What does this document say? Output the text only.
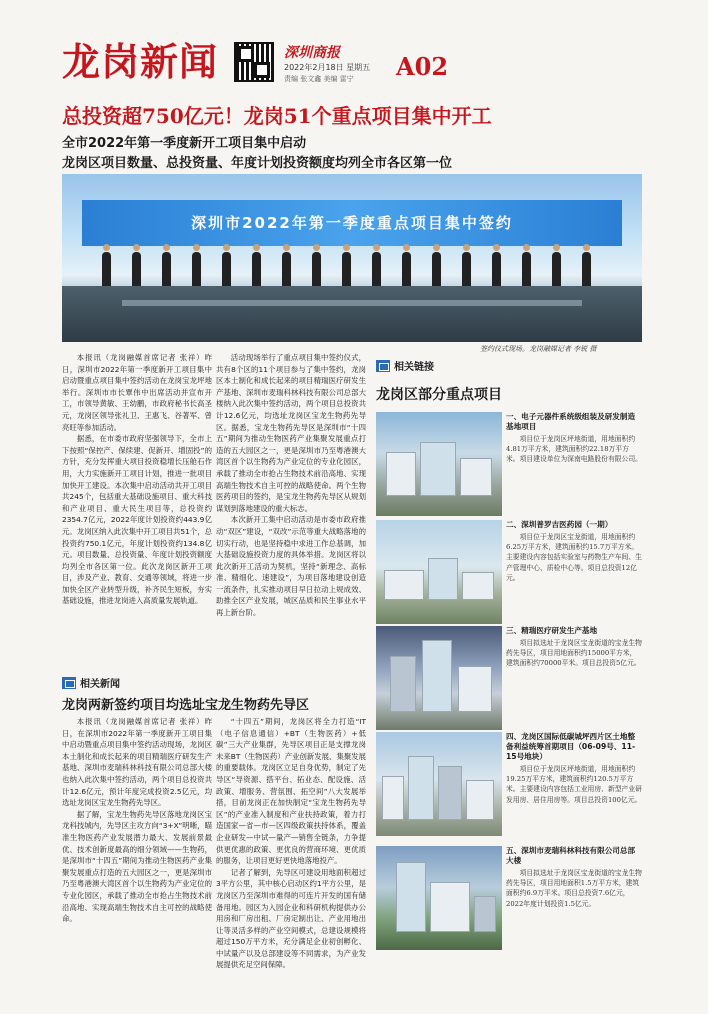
龙岗新闻	深圳商报
2022年2月18日 星期五
责编 张文鑫 美编 雷宁 A02
总投资超750亿元！龙岗51个重点项目集中开工
全市2022年第一季度新开工项目集中启动
龙岗区项目数量、总投资量、年度计划投资额度均列全市各区第一位
深圳市2022年第一季度重点项目集中签约
签约仪式现场。龙岗融媒记者 李锐 摄

本报讯（龙岗融媒首席记者 张祥）昨日，深圳市2022年第一季度新开工项目集中启动暨重点项目集中签约活动在龙岗宝龙坪地举行。深圳市市长覃伟中出席活动并宣布开工，市领导黄敏、王幼鹏，市政府秘书长高圣元，龙岗区领导张礼卫、王惠飞、谷著军、曾亮旺等参加活动。

据悉，在市委市政府坚强领导下，全市上下按照“保控产、保续建、促新开、增固投”的方针，充分发挥重大项目投资稳增长压舱石作用，大力实施新开工项目计划，推进一批项目加快开工建设。本次集中启动活动共开工项目共245个，包括重大基础设施项目、重大科技和产业项目、重大民生项目等，总投资约2354.7亿元，2022年度计划投资约443.9亿元。龙岗区纳入此次集中开工项目共51个，总投资约750.1亿元，年度计划投资约134.8亿元。项目数量、总投资量、年度计划投资额度均列全市各区第一位。此次龙岗区新开工项目，涉及产业、教育、交通等领域，将进一步加快全区产业转型升级，补齐民生短板，夯实基础设施，推进龙岗进入高质量发展轨道。

活动现场举行了重点项目集中签约仪式，共有8个区的11个项目参与了集中签约，龙岗区本土制化和成长起来的项目精瑞医疗研发生产基地、深圳市麦瑞科林科技有限公司总部大楼纳入此次集中签约活动，两个项目总投资共计12.6亿元，均选址龙岗区宝龙生物药先导区。据悉，宝龙生物药先导区是深圳市“十四五”期间为推动生物医药产业集聚发展重点打造的五大园区之一，更是深圳市乃至粤港澳大湾区首个以生物药为产业定位的专业化园区，承载了推动全市抢占生物技术前沿高地、实现高端生物技术自主可控的战略使命。两个生物医药项目的签约，是宝龙生物药先导区从规划谋划到落地建设的重大标志。

本次新开工集中启动活动是市委市政府推动“双区”建设，“双改”示范等重大战略落地的切实行动，也是坚持稳中求进工作总基调，加大基础设施投资力度的具体举措。龙岗区将以此次新开工活动为契机，坚持“新理念、高标准、精细化、速建设”，为项目落地建设创造一流条件，扎实推动项目早日拉动上规成效、助推全区产业发展，城区品质和民生事业水平再上新台阶。

相关新闻
龙岗两新签约项目均选址宝龙生物药先导区

本报讯（龙岗融媒首席记者 张祥）昨日，在深圳市2022年第一季度新开工项目集中启动暨重点项目集中签约活动现场，龙岗区本土制化和成长起来的项目精瑞医疗研发生产基地、深圳市麦瑞科林科技有限公司总部大楼也纳入此次集中签约活动，两个项目总投资共计12.6亿元，预计年度完成投资2.5亿元，均选址龙岗区宝龙生物药先导区。

据了解，宝龙生物药先导区落地龙岗区宝龙科技城内，先导区主攻方向“3+X”明晰，瞄准生物医药产业发展潜力最大、发展前景最优、技术创新度最高的细分领域——生物药，是深圳市“十四五”期间为推动生物医药产业集聚发展重点打造的五大园区之一，更是深圳市乃至粤港澳大湾区首个以生物药为产业定位的专业化园区，承载了推动全市抢占生物技术前沿高地、实现高端生物技术自主可控的战略使命。

“十四五”期间，龙岗区将全力打造“IT（电子信息通信）+BT（生物医药）+低碳”三大产业集群，先导区项目正是支撑龙岗未来BT（生物医药）产业创新发展、集聚发展的重要载体。龙岗区立足自身优势，制定了先导区“导资源、搭平台、拓业态、配设施、活政策、增服务、营氛围、拓空间”八大发展举措，目前龙岗正在加快制定“宝龙生物药先导区”的产业准入制度和产业扶持政策，着力打造国家—省—市—区四级政策扶持体系，覆盖企业研发—中试—量产—销售全链条，力争提供更优惠的政策、更优良的营商环境、更优质的服务，让项目更好更快地落地投产。

记者了解到，先导区可建设用地面积超过3平方公里，其中核心启动区约1平方公里，是龙岗区乃至深圳市难得的可连片开发的国有储备用地。园区为入园企业和科研机构提供办公用房和厂房出租、厂房定制出让、产业用地出让等灵活多样的产业空间模式，总建设规模将超过150万平方米，充分满足企业初创孵化、中试量产以及总部建设等不同需求，为产业发展提供充足空间保障。

相关链接
龙岗区部分重点项目
一、电子元器件系统级组装及研发制造基地项目

项目位于龙岗区坪地街道，用地面积约4.81万平方米，建筑面积约22.18万平方米。项目建设单位为深南电路股份有限公司。

二、深圳普罗吉医药园（一期）

项目位于龙岗区宝龙街道，用地面积约6.25万平方米，建筑面积约15.7万平方米。主要建设内容包括实验室与药物生产车间、生产管理中心、质检中心等。项目总投资12亿元。

三、精瑞医疗研发生产基地

项目拟选址于龙岗区宝龙街道的宝龙生物药先导区，项目用地面积约15000平方米，建筑面积约70000平米。项目总投资5亿元。

四、龙岗区国际低碳城坪西片区土地整备利益统筹首期项目（06-09号、11-15号地块）

项目位于龙岗区坪地街道，用地面积约19.25万平方米，建筑面积约120.5万平方米。主要建设内容包括工业用房、新型产业研发用房、居住用房等。项目总投资100亿元。

五、深圳市麦瑞科林科技有限公司总部大楼

项目拟选址于龙岗区宝龙街道的宝龙生物药先导区，项目用地面积1.5万平方米，建筑面积约6.9万平米。项目总投资7.6亿元，2022年度计划投资1.5亿元。
